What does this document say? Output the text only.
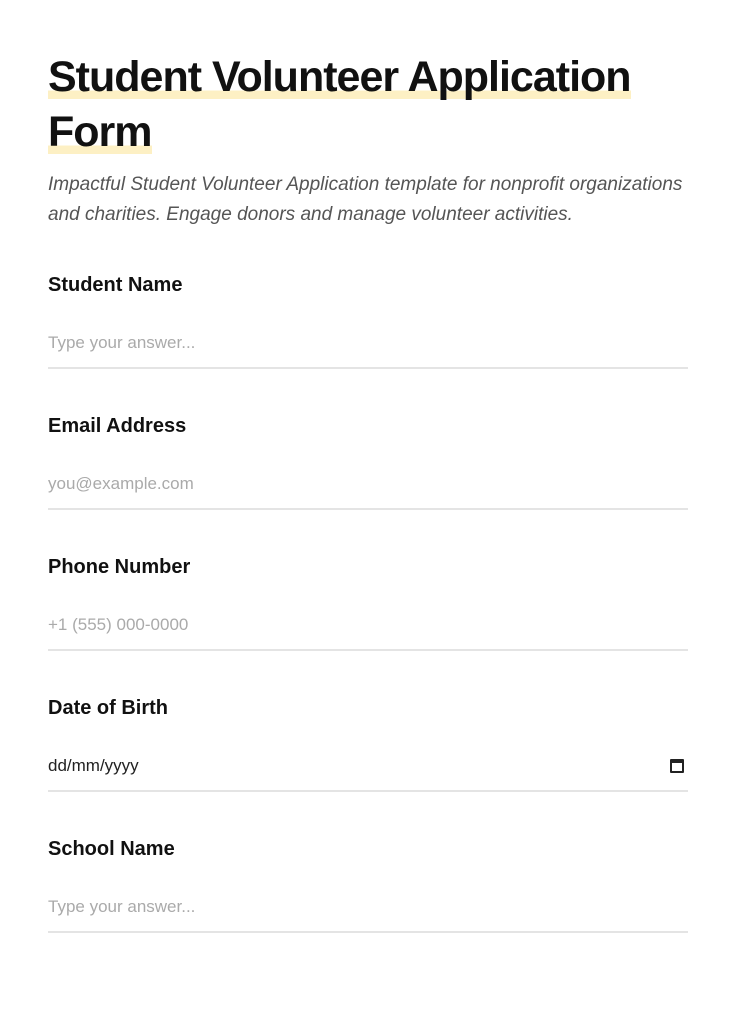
Student Volunteer Application
Form

Impactful Student Volunteer Application template for nonprofit organizations and charities. Engage donors and manage volunteer activities.

Student Name
Type your answer...
Email Address
you@example.com
Phone Number
+1 (555) 000-0000
Date of Birth
dd/mm/yyyy
School Name
Type your answer...
